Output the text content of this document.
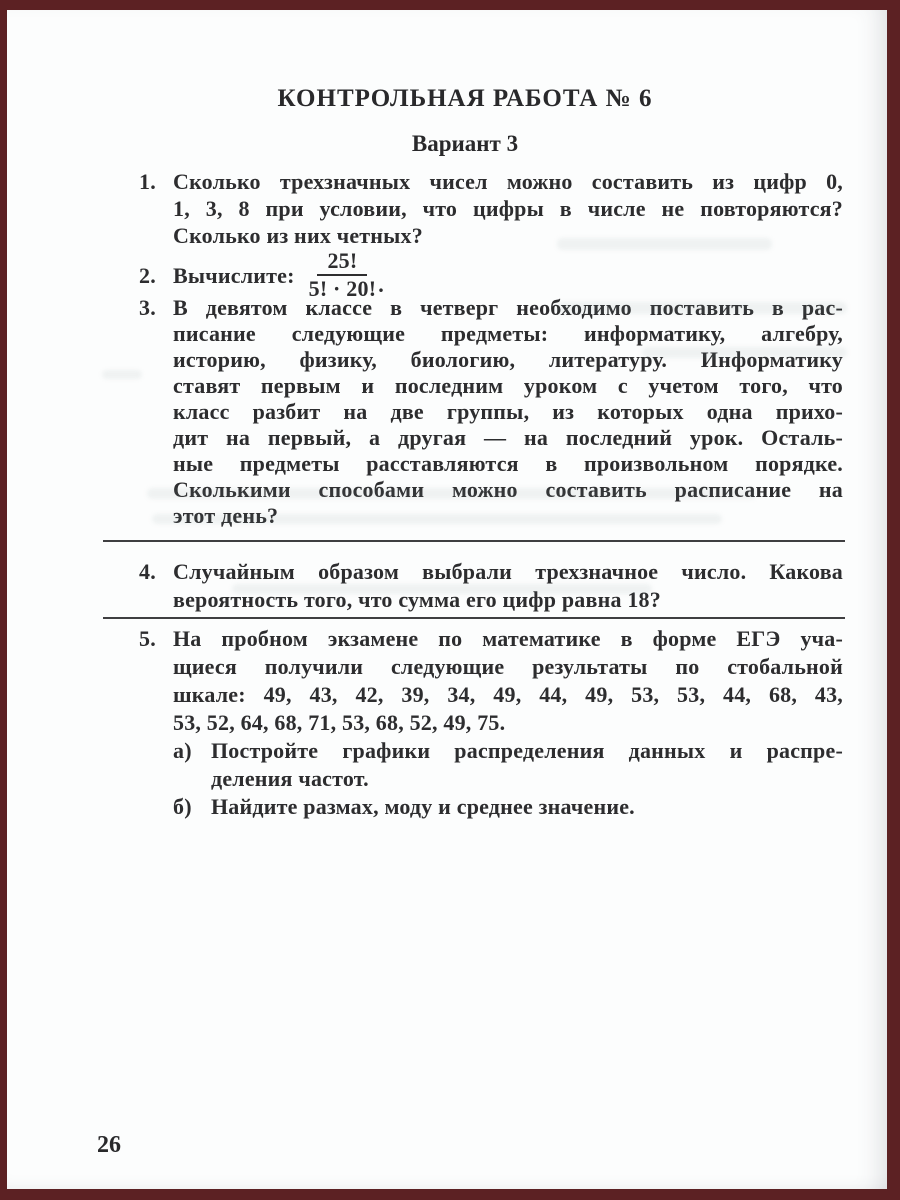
КОНТРОЛЬНАЯ РАБОТА № 6
Вариант 3
1. Сколько трехзначных чисел можно составить из цифр 0,
1, 3, 8 при условии, что цифры в числе не повторяются?
Сколько из них четных?
2. Вычислите: $\frac{25!}{5! \cdot 20!}$ .
3. В девятом классе в четверг необходимо поставить в рас-
писание следующие предметы: информатику, алгебру,
историю, физику, биологию, литературу. Информатику
ставят первым и последним уроком с учетом того, что
класс разбит на две группы, из которых одна прихо-
дит на первый, а другая — на последний урок. Осталь-
ные предметы расставляются в произвольном порядке.
Сколькими способами можно составить расписание на
этот день?
4. Случайным образом выбрали трехзначное число. Какова
вероятность того, что сумма его цифр равна 18?
5. На пробном экзамене по математике в форме ЕГЭ уча-
щиеся получили следующие результаты по стобальной
шкале: 49, 43, 42, 39, 34, 49, 44, 49, 53, 53, 44, 68, 43,
53, 52, 64, 68, 71, 53, 68, 52, 49, 75.
а) Постройте графики распределения данных и распре-
деления частот.
б) Найдите размах, моду и среднее значение.
26
